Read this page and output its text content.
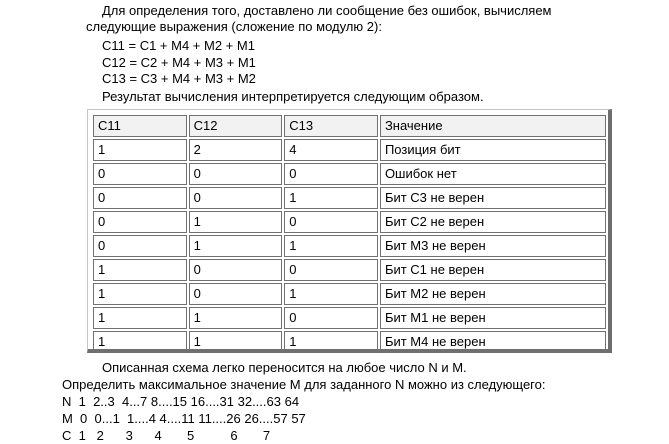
Для определения того, доставлено ли сообщение без ошибок, вычисляем
следующие выражения (сложение по модулю 2):
С11 = С1 + М4 + М2 + М1
С12 = С2 + М4 + М3 + М1
С13 = С3 + М4 + М3 + М2
Результат вычисления интерпретируется следующим образом.
С11	С12	С13	Значение
1	2	4	Позиция бит
0	0	0	Ошибок нет
0	0	1	Бит С3 не верен
0	1	0	Бит С2 не верен
0	1	1	Бит М3 не верен
1	0	0	Бит С1 не верен
1	0	1	Бит М2 не верен
1	1	0	Бит М1 не верен
1	1	1	Бит М4 не верен
Описанная схема легко переносится на любое число N и M.
Определить максимальное значение M для заданного N можно из следующего:
N  1  2..3  4...7 8....15 16....31 32....63 64
M  0  0...1  1....4 4....11 11....26 26....57 57
C  1   2      3      4       5          6       7
